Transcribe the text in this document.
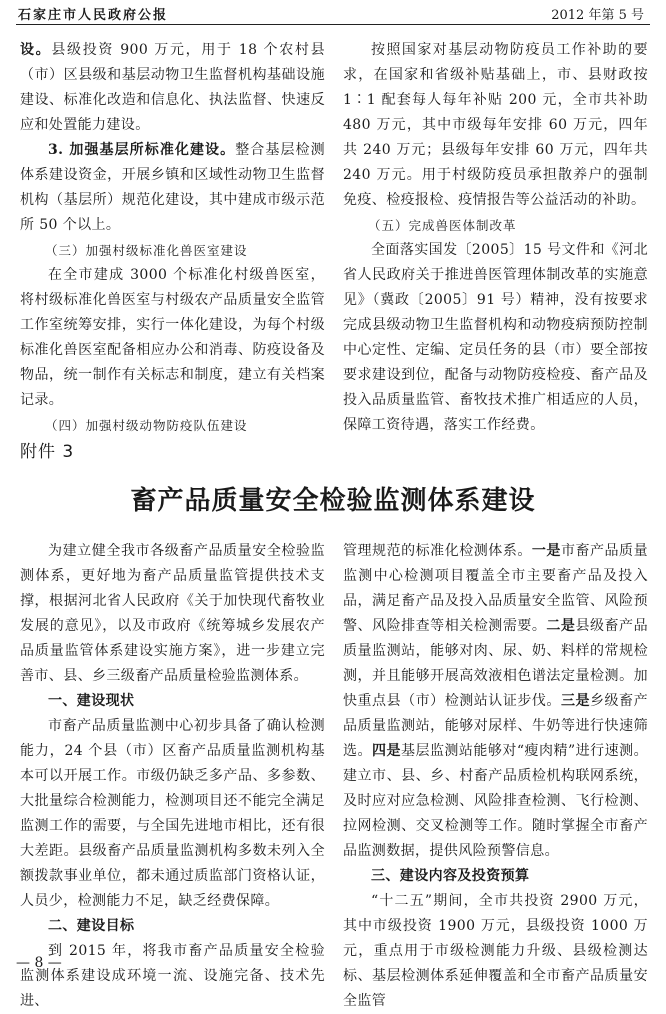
石家庄市人民政府公报	2012 年第 5 号

设。县级投资 900 万元，用于 18 个农村县（市）区县级和基层动物卫生监督机构基础设施建设、标准化改造和信息化、执法监督、快速反应和处置能力建设。

3. 加强基层所标准化建设。整合基层检测体系建设资金，开展乡镇和区域性动物卫生监督机构（基层所）规范化建设，其中建成市级示范所 50 个以上。

（三）加强村级标准化兽医室建设

在全市建成 3000 个标准化村级兽医室，将村级标准化兽医室与村级农产品质量安全监管工作室统筹安排，实行一体化建设，为每个村级标准化兽医室配备相应办公和消毒、防疫设备及物品，统一制作有关标志和制度，建立有关档案记录。

（四）加强村级动物防疫队伍建设

按照国家对基层动物防疫员工作补助的要求，在国家和省级补贴基础上，市、县财政按 1∶1 配套每人每年补贴 200 元，全市共补助 480 万元，其中市级每年安排 60 万元，四年共 240 万元；县级每年安排 60 万元，四年共 240 万元。用于村级防疫员承担散养户的强制免疫、检疫报检、疫情报告等公益活动的补助。

（五）完成兽医体制改革

全面落实国发〔2005〕15 号文件和《河北省人民政府关于推进兽医管理体制改革的实施意见》（冀政〔2005〕91 号）精神，没有按要求完成县级动物卫生监督机构和动物疫病预防控制中心定性、定编、定员任务的县（市）要全部按要求建设到位，配备与动物防疫检疫、畜产品及投入品质量监管、畜牧技术推广相适应的人员，保障工资待遇，落实工作经费。

附件 3
畜产品质量安全检验监测体系建设

为建立健全我市各级畜产品质量安全检验监测体系，更好地为畜产品质量监管提供技术支撑，根据河北省人民政府《关于加快现代畜牧业发展的意见》，以及市政府《统筹城乡发展农产品质量监管体系建设实施方案》，进一步建立完善市、县、乡三级畜产品质量检验监测体系。

一、建设现状

市畜产品质量监测中心初步具备了确认检测能力，24 个县（市）区畜产品质量监测机构基本可以开展工作。市级仍缺乏多产品、多参数、大批量综合检测能力，检测项目还不能完全满足监测工作的需要，与全国先进地市相比，还有很大差距。县级畜产品质量监测机构多数未列入全额拨款事业单位，都未通过质监部门资格认证，人员少，检测能力不足，缺乏经费保障。

二、建设目标

到 2015 年，将我市畜产品质量安全检验监测体系建设成环境一流、设施完备、技术先进、

管理规范的标准化检测体系。一是市畜产品质量监测中心检测项目覆盖全市主要畜产品及投入品，满足畜产品及投入品质量安全监管、风险预警、风险排查等相关检测需要。二是县级畜产品质量监测站，能够对肉、尿、奶、料样的常规检测，并且能够开展高效液相色谱法定量检测。加快重点县（市）检测站认证步伐。三是乡级畜产品质量监测站，能够对尿样、牛奶等进行快速筛选。四是基层监测站能够对“瘦肉精”进行速测。建立市、县、乡、村畜产品质检机构联网系统，及时应对应急检测、风险排查检测、飞行检测、拉网检测、交叉检测等工作。随时掌握全市畜产品监测数据，提供风险预警信息。

三、建设内容及投资预算

“十二五”期间，全市共投资 2900 万元，其中市级投资 1900 万元，县级投资 1000 万元，重点用于市级检测能力升级、县级检测达标、基层检测体系延伸覆盖和全市畜产品质量安全监管

— 8 —
